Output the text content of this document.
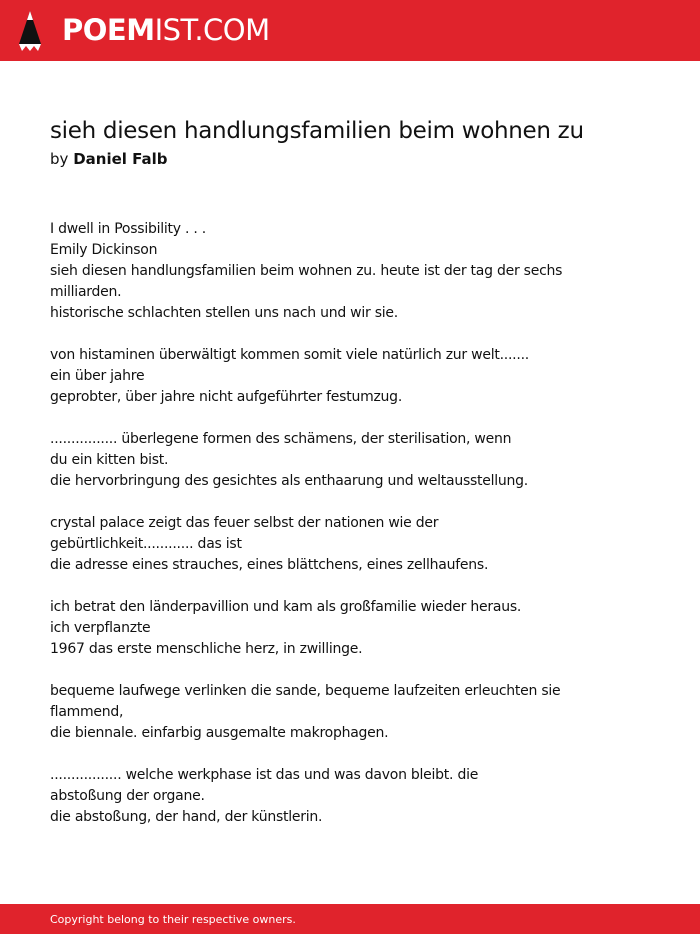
POEMIST.COM
sieh diesen handlungsfamilien beim wohnen zu
by Daniel Falb
I dwell in Possibility . . .
Emily Dickinson
sieh diesen handlungsfamilien beim wohnen zu. heute ist der tag der sechs
milliarden.
historische schlachten stellen uns nach und wir sie.
von histaminen überwältigt kommen somit viele natürlich zur welt.......
ein über jahre
geprobter, über jahre nicht aufgeführter festumzug.
................ überlegene formen des schämens, der sterilisation, wenn
du ein kitten bist.
die hervorbringung des gesichtes als enthaarung und weltausstellung.
crystal palace zeigt das feuer selbst der nationen wie der
gebürtlichkeit............ das ist
die adresse eines strauches, eines blättchens, eines zellhaufens.
ich betrat den länderpavillion und kam als großfamilie wieder heraus.
ich verpflanzte
1967 das erste menschliche herz, in zwillinge.
bequeme laufwege verlinken die sande, bequeme laufzeiten erleuchten sie
flammend,
die biennale. einfarbig ausgemalte makrophagen.
................. welche werkphase ist das und was davon bleibt. die
abstoßung der organe.
die abstoßung, der hand, der künstlerin.
Copyright belong to their respective owners.
